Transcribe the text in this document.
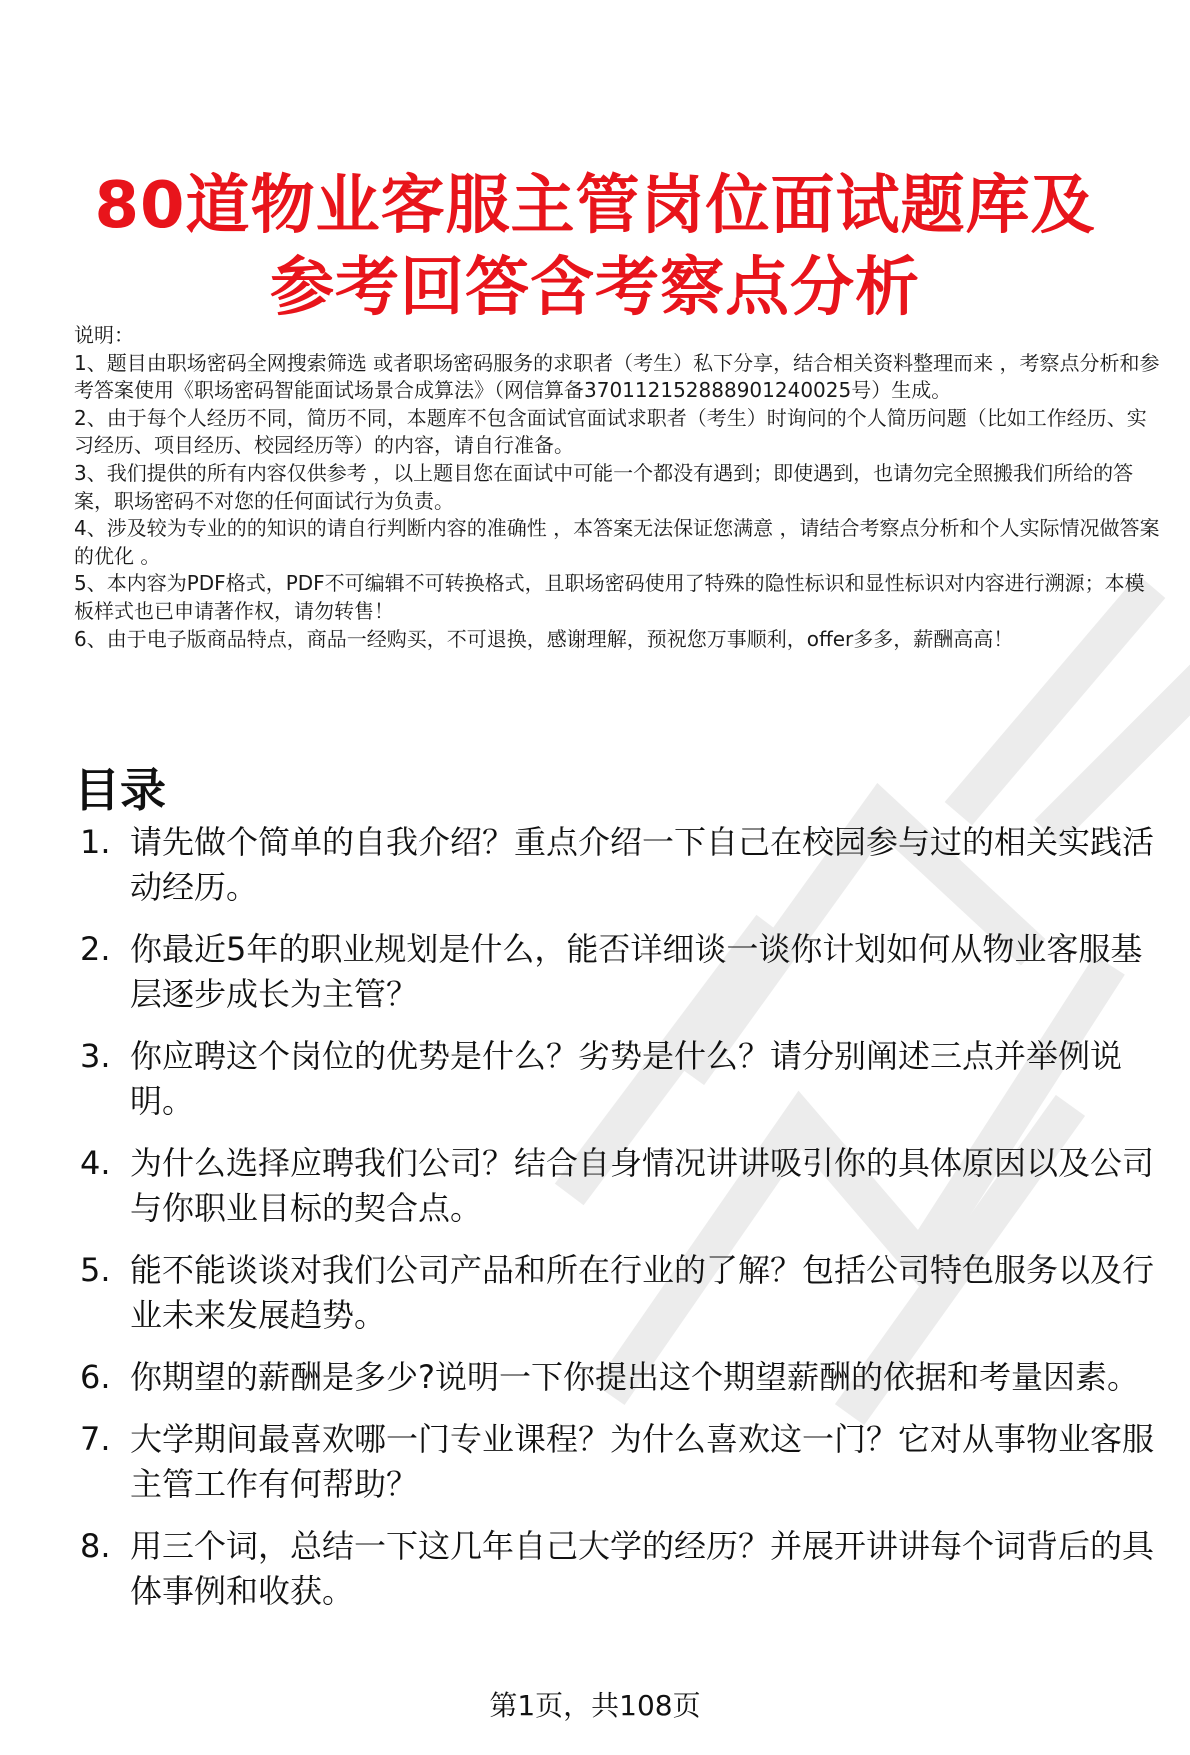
80道物业客服主管岗位面试题库及
参考回答含考察点分析
说明：
1、题目由职场密码全网搜索筛选 或者职场密码服务的求职者（考生）私下分享，结合相关资料整理而来 ，考察点分析和参考答案使用《职场密码智能面试场景合成算法》（网信算备370112152888901240025号）生成。
2、由于每个人经历不同，简历不同，本题库不包含面试官面试求职者（考生）时询问的个人简历问题（比如工作经历、实习经历、项目经历、校园经历等）的内容，请自行准备。
3、我们提供的所有内容仅供参考 ，以上题目您在面试中可能一个都没有遇到；即使遇到，也请勿完全照搬我们所给的答案，职场密码不对您的任何面试行为负责。
4、涉及较为专业的的知识的请自行判断内容的准确性 ，本答案无法保证您满意 ，请结合考察点分析和个人实际情况做答案的优化 。
5、本内容为PDF格式，PDF不可编辑不可转换格式，且职场密码使用了特殊的隐性标识和显性标识对内容进行溯源；本模板样式也已申请著作权，请勿转售！
6、由于电子版商品特点，商品一经购买，不可退换，感谢理解，预祝您万事顺利，offer多多，薪酬高高！
目录
1. 请先做个简单的自我介绍？重点介绍一下自己在校园参与过的相关实践活动经历。
2. 你最近5年的职业规划是什么，能否详细谈一谈你计划如何从物业客服基层逐步成长为主管？
3. 你应聘这个岗位的优势是什么？劣势是什么？请分别阐述三点并举例说明。
4. 为什么选择应聘我们公司？结合自身情况讲讲吸引你的具体原因以及公司与你职业目标的契合点。
5. 能不能谈谈对我们公司产品和所在行业的了解？包括公司特色服务以及行业未来发展趋势。
6. 你期望的薪酬是多少?说明一下你提出这个期望薪酬的依据和考量因素。
7. 大学期间最喜欢哪一门专业课程？为什么喜欢这一门？它对从事物业客服主管工作有何帮助？
8. 用三个词，总结一下这几年自己大学的经历？并展开讲讲每个词背后的具体事例和收获。
第1页，共108页
